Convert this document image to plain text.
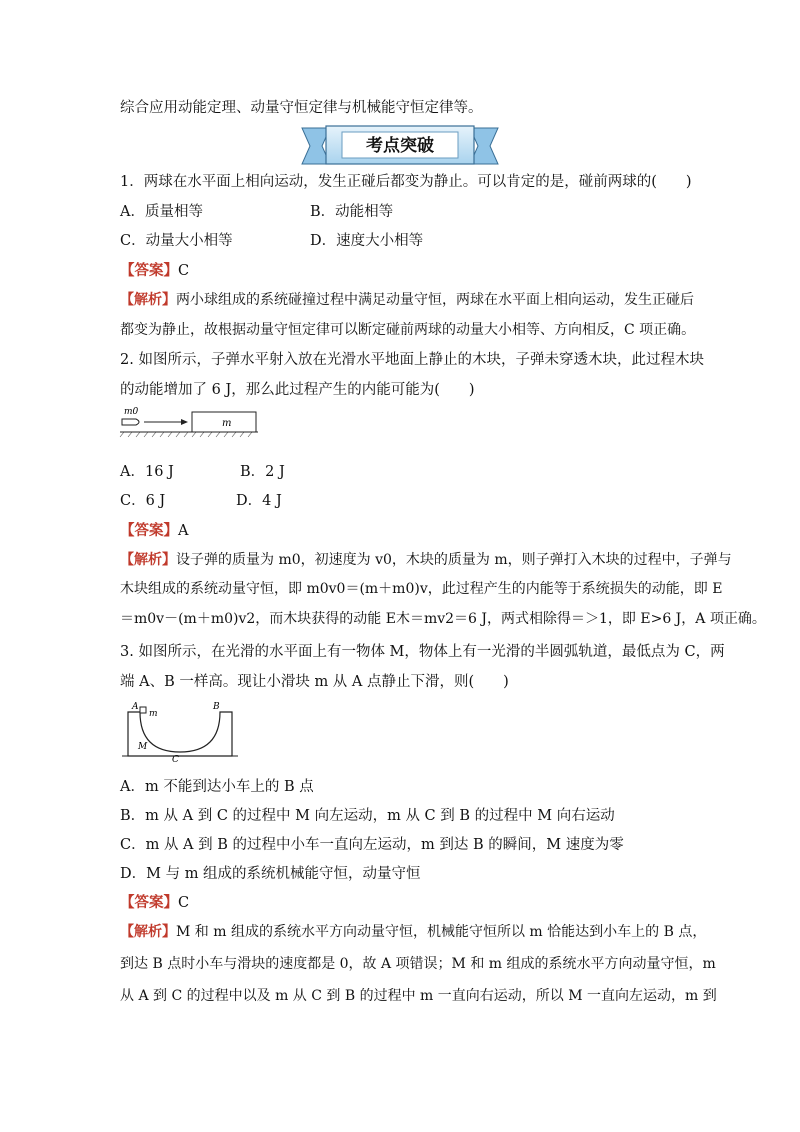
综合应用动能定理、动量守恒定律与机械能守恒定律等。
考点突破
1．两球在水平面上相向运动，发生正碰后都变为静止。可以肯定的是，碰前两球的(　　)
A．质量相等	B．动能相等
C．动量大小相等	D．速度大小相等
【答案】C
【解析】两小球组成的系统碰撞过程中满足动量守恒，两球在水平面上相向运动，发生正碰后
都变为静止，故根据动量守恒定律可以断定碰前两球的动量大小相等、方向相反，C 项正确。
2. 如图所示，子弹水平射入放在光滑水平地面上静止的木块，子弹未穿透木块，此过程木块
的动能增加了 6 J，那么此过程产生的内能可能为(　　)
m0
m
A．16 J	B．2 J
C．6 J	D．4 J
【答案】A
【解析】设子弹的质量为 m0，初速度为 v0，木块的质量为 m，则子弹打入木块的过程中，子弹与
木块组成的系统动量守恒，即 m0v0＝(m＋m0)v，此过程产生的内能等于系统损失的动能，即 E
＝m0v－(m＋m0)v2，而木块获得的动能 E木＝mv2＝6 J，两式相除得＝＞1，即 E>6 J，A 项正确。
3. 如图所示，在光滑的水平面上有一物体 M，物体上有一光滑的半圆弧轨道，最低点为 C，两
端 A、B 一样高。现让小滑块 m 从 A 点静止下滑，则(　　)
A
m
B
M
C
A．m 不能到达小车上的 B 点
B．m 从 A 到 C 的过程中 M 向左运动，m 从 C 到 B 的过程中 M 向右运动
C．m 从 A 到 B 的过程中小车一直向左运动，m 到达 B 的瞬间，M 速度为零
D．M 与 m 组成的系统机械能守恒，动量守恒
【答案】C
【解析】M 和 m 组成的系统水平方向动量守恒，机械能守恒所以 m 恰能达到小车上的 B 点，
到达 B 点时小车与滑块的速度都是 0，故 A 项错误；M 和 m 组成的系统水平方向动量守恒，m
从 A 到 C 的过程中以及 m 从 C 到 B 的过程中 m 一直向右运动，所以 M 一直向左运动，m 到
